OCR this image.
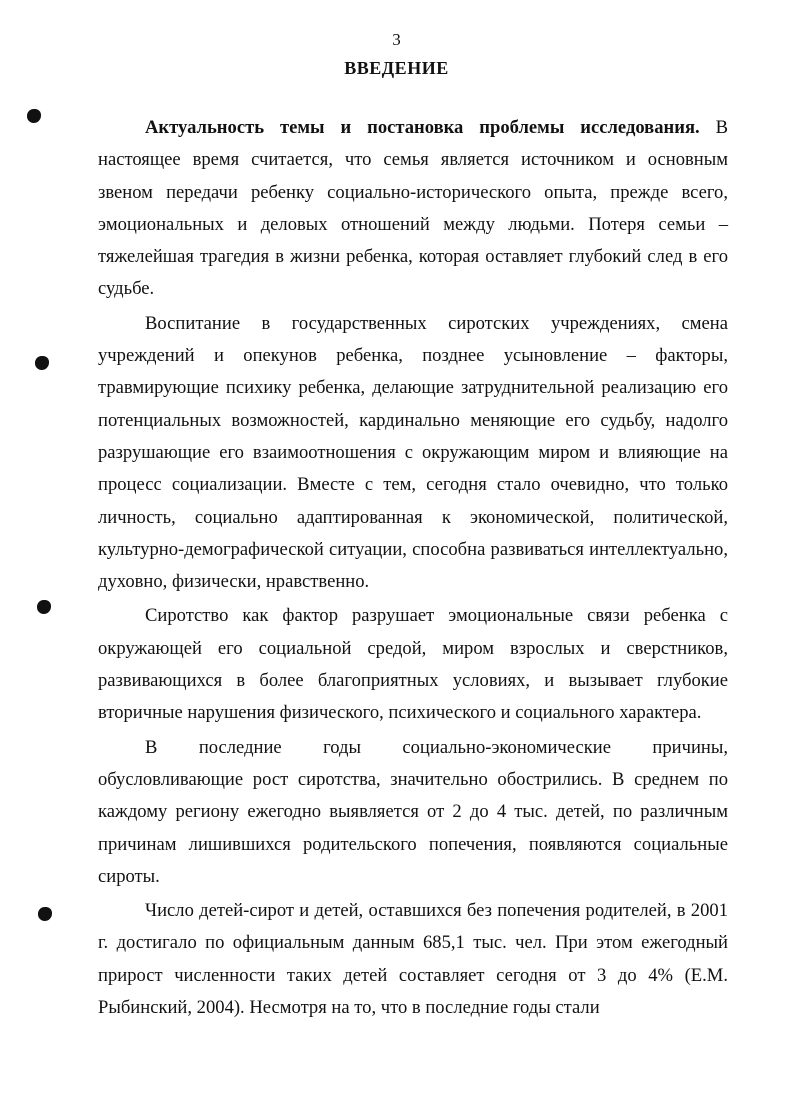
3
ВВЕДЕНИЕ

Актуальность темы и постановка проблемы исследования. В настоящее время считается, что семья является источником и основным звеном передачи ребенку социально-исторического опыта, прежде всего, эмоциональных и деловых отношений между людьми. Потеря семьи – тяжелейшая трагедия в жизни ребенка, которая оставляет глубокий след в его судьбе.

Воспитание в государственных сиротских учреждениях, смена учреждений и опекунов ребенка, позднее усыновление – факторы, травмирующие психику ребенка, делающие затруднительной реализацию его потенциальных возможностей, кардинально меняющие его судьбу, надолго разрушающие его взаимоотношения с окружающим миром и влияющие на процесс социализации. Вместе с тем, сегодня стало очевидно, что только личность, социально адаптированная к экономической, политической, культурно-демографической ситуации, способна развиваться интеллектуально, духовно, физически, нравственно.

Сиротство как фактор разрушает эмоциональные связи ребенка с окружающей его социальной средой, миром взрослых и сверстников, развивающихся в более благоприятных условиях, и вызывает глубокие вторичные нарушения физического, психического и социального характера.

В последние годы социально-экономические причины, обусловливающие рост сиротства, значительно обострились. В среднем по каждому региону ежегодно выявляется от 2 до 4 тыс. детей, по различным причинам лишившихся родительского попечения, появляются социальные сироты.

Число детей-сирот и детей, оставшихся без попечения родителей, в 2001 г. достигало по официальным данным 685,1 тыс. чел. При этом ежегодный прирост численности таких детей составляет сегодня от 3 до 4% (Е.М. Рыбинский, 2004). Несмотря на то, что в последние годы стали
